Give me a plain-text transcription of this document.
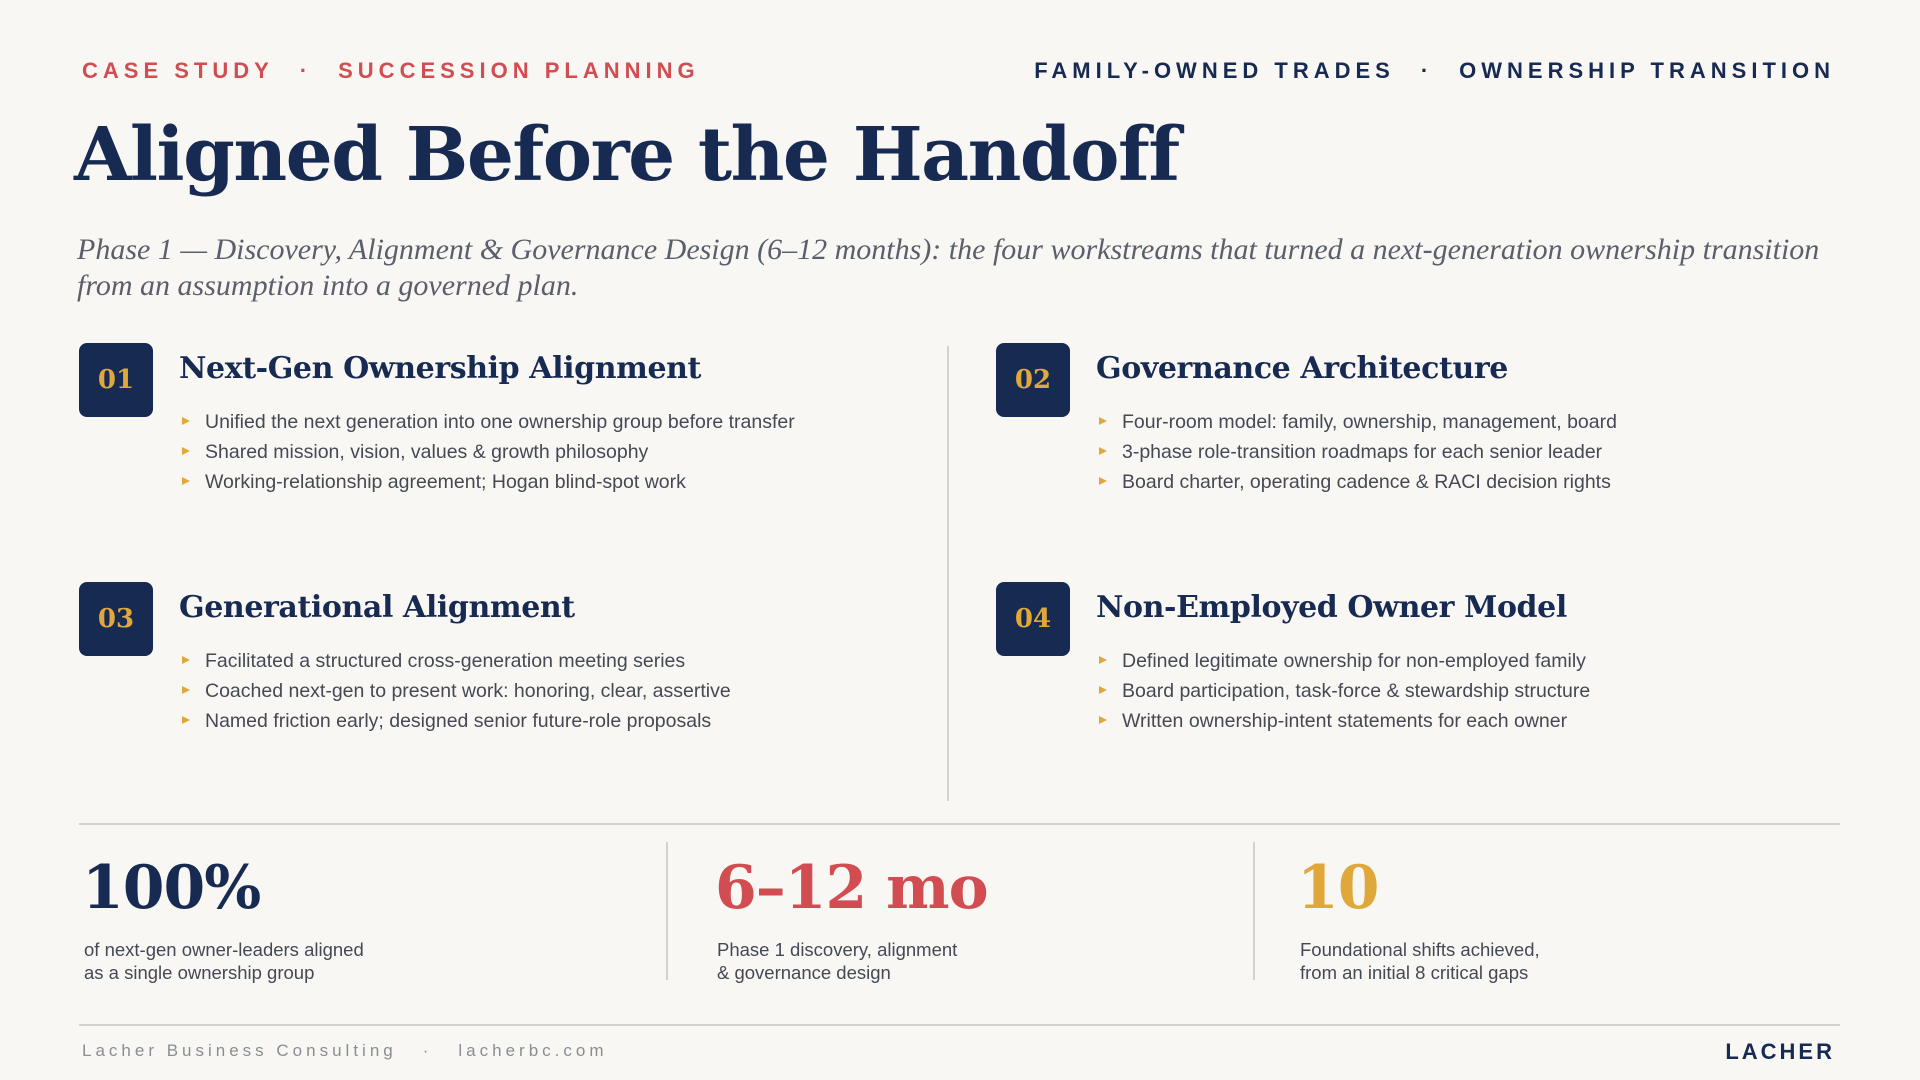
CASE STUDY · SUCCESSION PLANNING	FAMILY-OWNED TRADES · OWNERSHIP TRANSITION
Aligned Before the Handoff
Phase 1 — Discovery, Alignment & Governance Design (6–12 months): the four workstreams that turned a next-generation ownership transition from an assumption into a governed plan.
01	Next-Gen Ownership Alignment
Unified the next generation into one ownership group before transfer
Shared mission, vision, values & growth philosophy
Working-relationship agreement; Hogan blind-spot work
02	Governance Architecture
Four-room model: family, ownership, management, board
3-phase role-transition roadmaps for each senior leader
Board charter, operating cadence & RACI decision rights
03	Generational Alignment
Facilitated a structured cross-generation meeting series
Coached next-gen to present work: honoring, clear, assertive
Named friction early; designed senior future-role proposals
04	Non-Employed Owner Model
Defined legitimate ownership for non-employed family
Board participation, task-force & stewardship structure
Written ownership-intent statements for each owner
100%
of next-gen owner-leaders aligned
as a single ownership group
6–12 mo
Phase 1 discovery, alignment
& governance design
10
Foundational shifts achieved,
from an initial 8 critical gaps
Lacher Business Consulting · lacherbc.com	LACHER
